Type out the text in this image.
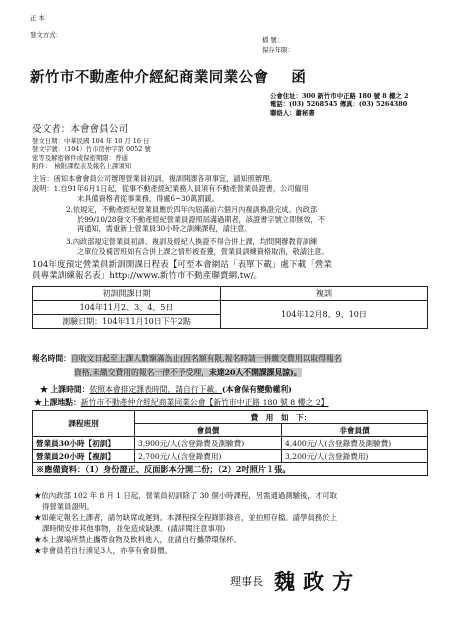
正 本
發文方式：
檔 號：
保存年限：
新竹市不動產仲介經紀商業同業公會 函
公會住址：300 新竹市中正路 180 號 8 樓之 2
電話：(03) 5268545 傳真：(03) 5264380
聯絡人：蕭秘書
受文者：本會會員公司
發文日期：中華民國 104 年 10 月 16 日
發文字號：（104）竹市房仲字第 0052 號
密等及解密條件或保密期限：普通
附件：　檢附課程表及報名上課須知
主旨：函知本會會員公司辦理營業員初訓、複訓開課各項事宜，請知照辦理。
說明：1.自91年6月1日起，從事不動產經紀業務人員須有不動產營業員證書，公司僱用
未具備資格者從事業務，得處6~30萬罰鍰。
2.依規定，不動產經紀營業員應於四年內屆滿前六個月內複訓換證完成。內政部
於99/10/28發文不動產經紀營業員證照屆滿過期者，該證書字號立即無效，不
再通知，需重新上營業員30小時之訓練課程，請注意。
3.內政部規定營業員初訓、複訓及經紀人換證不得合併上課，均問開辦教育訓練
之單位及補習班如有合併上課之情形被查獲，營業員訓練資格取消，敬請注意。
104年度預定營業員新訓開課日程表【可至本會網站「表單下載」處下載「營業
員專業訓練報名表」http://www.新竹市不動產聯賣網.tw/。
初訓開課日期	複訓
104年11月2、3、4、5日	104年12月8、9、10日
測驗日期：104年11月10日下午2點	
報名時間：自收文日起至上課人數額滿為止(因名額有限,報名時請一併繳交費用以取得報名
資格,未繳交費用的報名一律不予受理，未達20人不開課課見諒)。
★ 上課時間：依照本會排定課表時間，請自行下載。(本會保有變動權利)
★上課地點：新竹市不動產仲介經紀商業同業公會【新竹市中正路 180 號 8 樓之 2】
課程班別	費　用　如　下：	
	會員價	非會員價
營業員30小時【初訓】	3,900元/人(含登錄費及測驗費)	4,400元/人(含登錄費及測驗費)
營業員20小時【複訓】	2,700元/人(含登錄費用)	3,200元/人(含登錄費用)
※應備資料：（1）身份證正、反面影本分開二份；（2）2吋照片１張。		
★依內政部 102 年 8 月 1 日起，營業員初訓除了 30 個小時課程，另需通過測驗後，才可取
得營業員證明。
★如確定報名上課者，請勿缺席或遲到。本課程採全程錄影錄音，並拍照存檔。請學員務於上
課時間安排其他事物，並免造成缺課。(請詳閱注意事項)
★本上課場所禁止攜帶食物及飲料進入，並請自行攜帶環保杯。
★非會員若自行湊足3人，亦享有會員價。
理事長 魏政方
